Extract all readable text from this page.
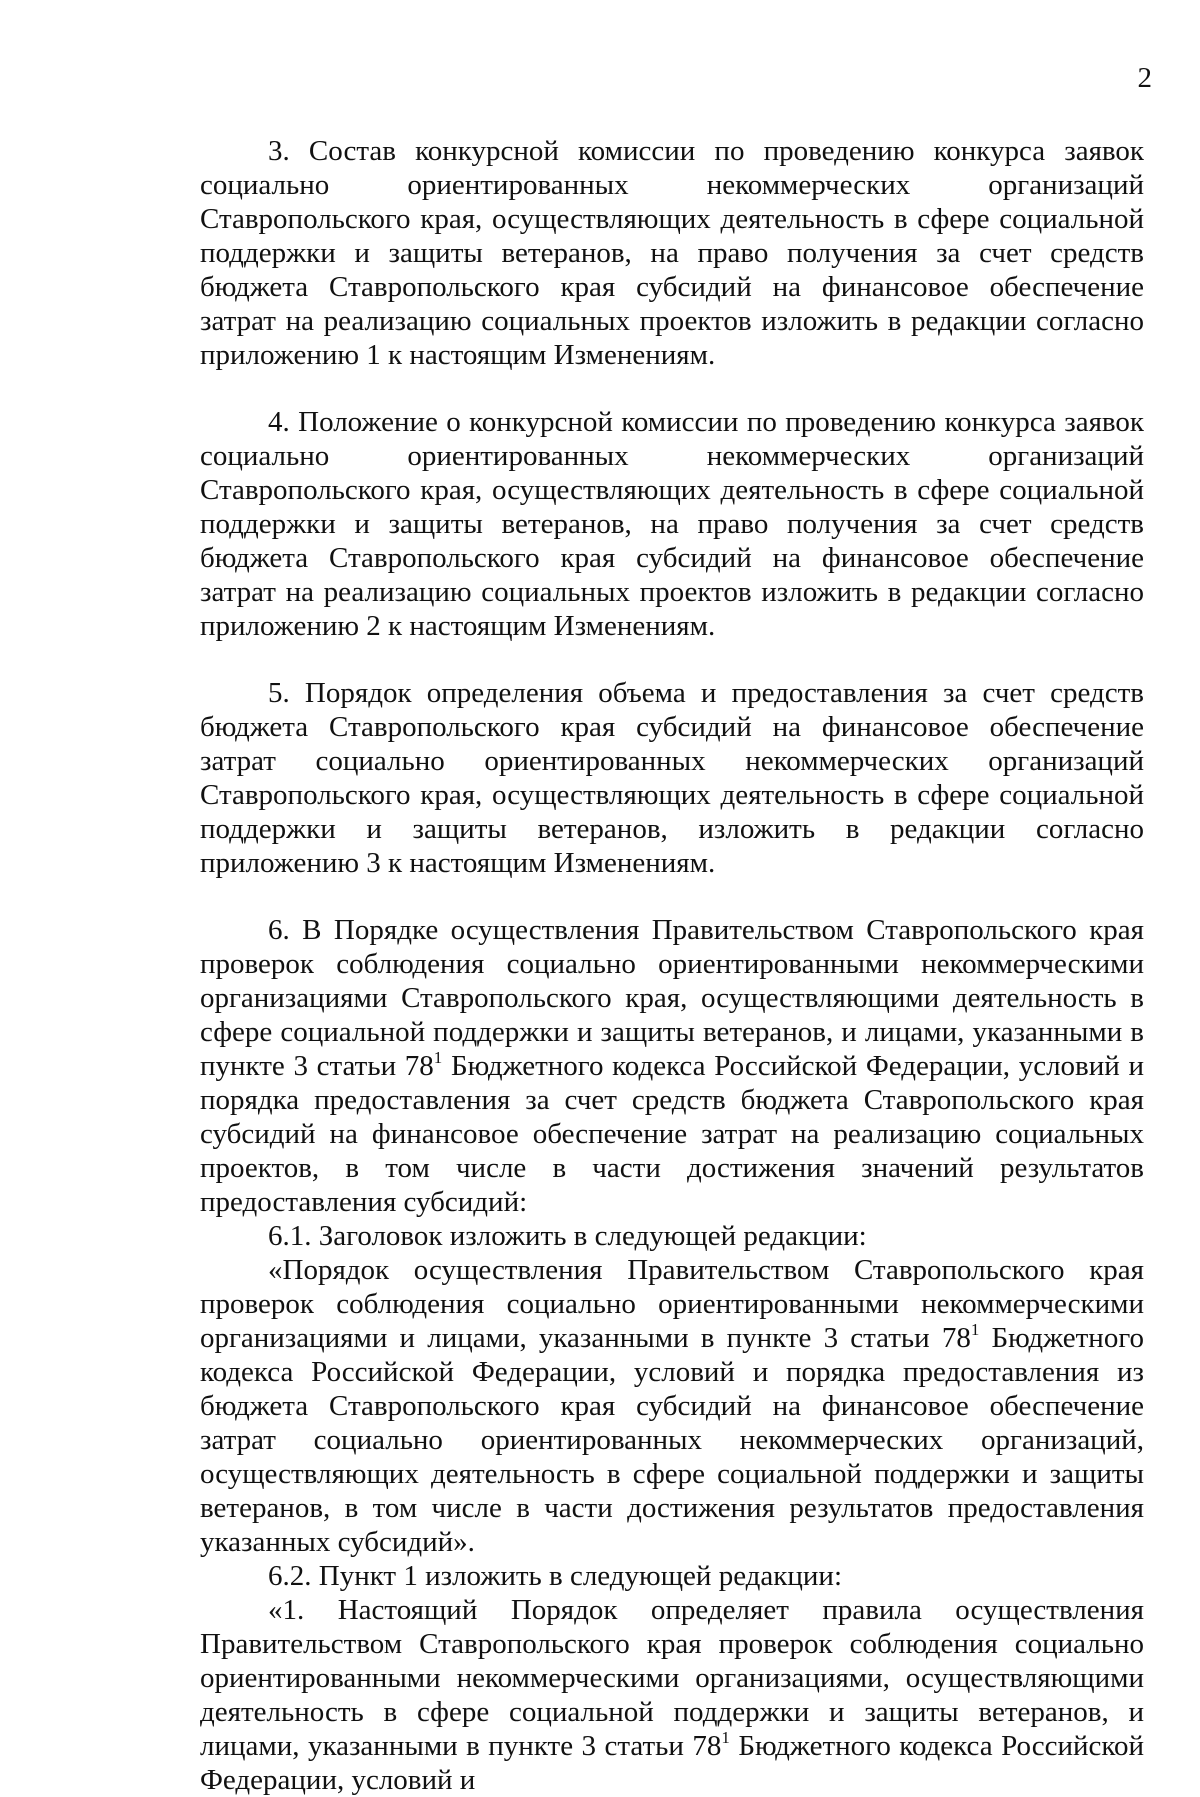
2

3. Состав конкурсной комиссии по проведению конкурса заявок социально ориентированных некоммерческих организаций Ставропольского края, осуществляющих деятельность в сфере социальной поддержки и защиты ветеранов, на право получения за счет средств бюджета Ставропольского края субсидий на финансовое обеспечение затрат на реализацию социальных проектов изложить в редакции согласно приложению 1 к настоящим Изменениям.

4. Положение о конкурсной комиссии по проведению конкурса заявок социально ориентированных некоммерческих организаций Ставропольского края, осуществляющих деятельность в сфере социальной поддержки и защиты ветеранов, на право получения за счет средств бюджета Ставропольского края субсидий на финансовое обеспечение затрат на реализацию социальных проектов изложить в редакции согласно приложению 2 к настоящим Изменениям.

5. Порядок определения объема и предоставления за счет средств бюджета Ставропольского края субсидий на финансовое обеспечение затрат социально ориентированных некоммерческих организаций Ставропольского края, осуществляющих деятельность в сфере социальной поддержки и защиты ветеранов, изложить в редакции согласно приложению 3 к настоящим Изменениям.

6. В Порядке осуществления Правительством Ставропольского края проверок соблюдения социально ориентированными некоммерческими организациями Ставропольского края, осуществляющими деятельность в сфере социальной поддержки и защиты ветеранов, и лицами, указанными в пункте 3 статьи $78^1$ Бюджетного кодекса Российской Федерации, условий и порядка предоставления за счет средств бюджета Ставропольского края субсидий на финансовое обеспечение затрат на реализацию социальных проектов, в том числе в части достижения значений результатов предоставления субсидий:

6.1. Заголовок изложить в следующей редакции:

«Порядок осуществления Правительством Ставропольского края проверок соблюдения социально ориентированными некоммерческими организациями и лицами, указанными в пункте 3 статьи $78^1$ Бюджетного кодекса Российской Федерации, условий и порядка предоставления из бюджета Ставропольского края субсидий на финансовое обеспечение затрат социально ориентированных некоммерческих организаций, осуществляющих деятельность в сфере социальной поддержки и защиты ветеранов, в том числе в части достижения результатов предоставления указанных субсидий».

6.2. Пункт 1 изложить в следующей редакции:

«1. Настоящий Порядок определяет правила осуществления Правительством Ставропольского края проверок соблюдения социально ориентированными некоммерческими организациями, осуществляющими деятельность в сфере социальной поддержки и защиты ветеранов, и лицами, указанными в пункте 3 статьи $78^1$ Бюджетного кодекса Российской Федерации, условий и
